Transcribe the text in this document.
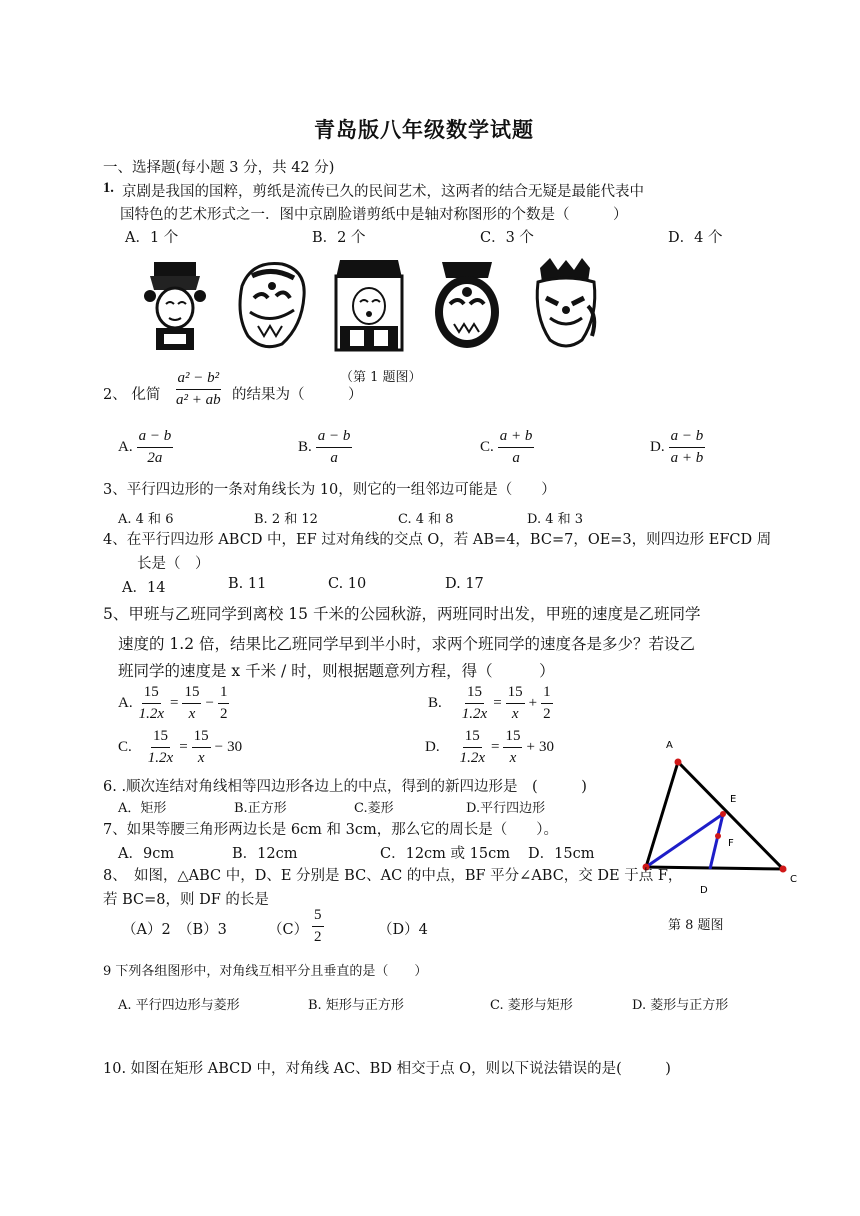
青岛版八年级数学试题
一、选择题(每小题 3 分，共 42 分)
1. 京剧是我国的国粹，剪纸是流传已久的民间艺术，这两者的结合无疑是最能代表中
国特色的艺术形式之一．图中京剧脸谱剪纸中是轴对称图形的个数是（　　　）
A．1 个	B．2 个	C．3 个	D．4 个
（第 1 题图）
2、 化简 $\frac{\text{a² − b²}}{\text{a² + ab}}$ 的结果为（　　　）
A. $\frac{a - b}{2a}$	B. $\frac{a - b}{a}$	C. $\frac{a + b}{a}$	D. $\frac{a - b}{a + b}$
3、平行四边形的一条对角线长为 10，则它的一组邻边可能是（　　）
A. 4 和 6	B. 2 和 12	C. 4 和 8	D. 4 和 3
4、在平行四边形 ABCD 中，EF 过对角线的交点 O，若 AB=4，BC=7，OE=3，则四边形 EFCD 周
长是（　）
A．14	B. 11	C. 10	D. 17
5、甲班与乙班同学到离校 15 千米的公园秋游，两班同时出发，甲班的速度是乙班同学
速度的 1.2 倍，结果比乙班同学早到半小时，求两个班同学的速度各是多少？若设乙
班同学的速度是 x 千米 / 时，则根据题意列方程，得（　　　）
A. $\frac{15}{1.2x} = \frac{15}{x} - \frac{1}{2}$	B. $\frac{15}{1.2x} = \frac{15}{x} + \frac{1}{2}$
C. $\frac{15}{1.2x} = \frac{15}{x} - 30$	D. $\frac{15}{1.2x} = \frac{15}{x} + 30$
6. .顺次连结对角线相等四边形各边上的中点，得到的新四边形是　(　　　)
A．矩形	B.正方形	C.菱形	D.平行四边形
7、如果等腰三角形两边长是 6cm 和 3cm，那么它的周长是（　　）。
A．9cm	B．12cm	C．12cm 或 15cm D．15cm
A
C
E
F
D
第 8 题图
8、　如图，△ABC 中，D、E 分别是 BC、AC 的中点，BF 平分∠ABC，交 DE 于点 F，
若 BC=8，则 DF 的长是
（A）2 （B）3	$(C) \frac{5}{2}$	（D）4
9 下列各组图形中，对角线互相平分且垂直的是（　　）
A. 平行四边形与菱形	B. 矩形与正方形	C. 菱形与矩形	D. 菱形与正方形
10. 如图在矩形 ABCD 中，对角线 AC、BD 相交于点 O，则以下说法错误的是(　　　)
